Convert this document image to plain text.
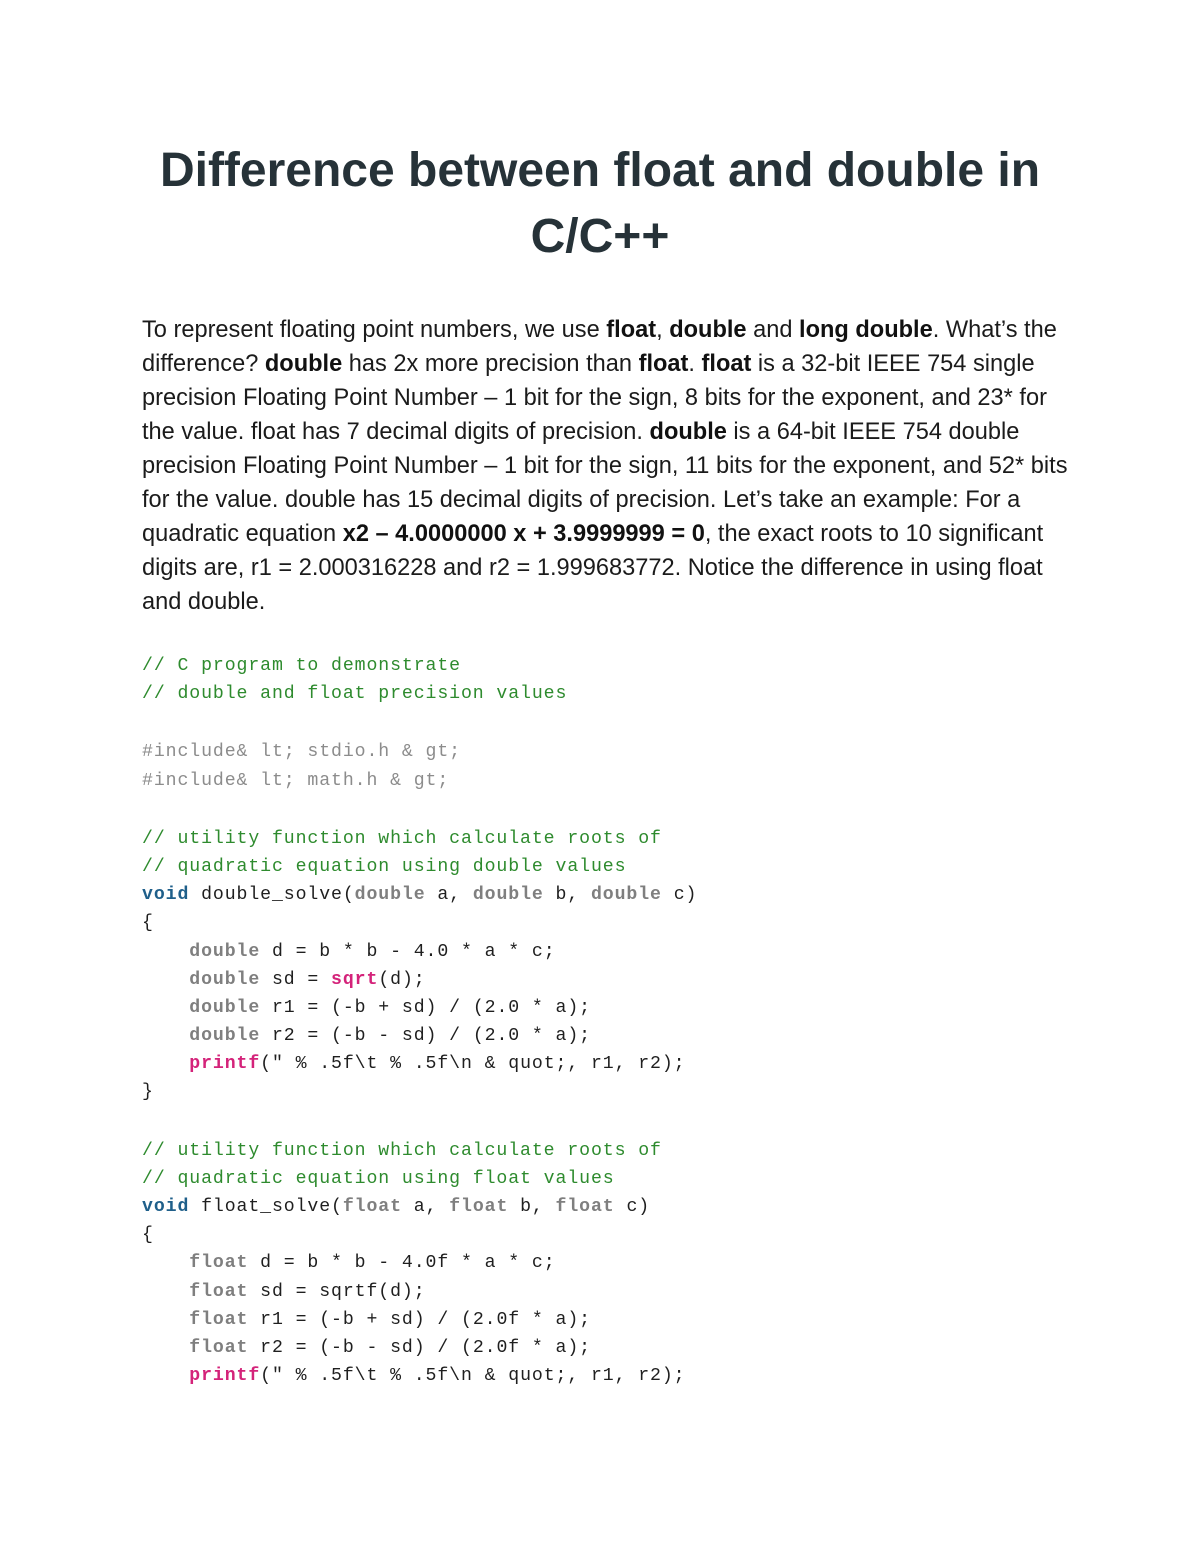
Difference between float and double in C/C++

To represent floating point numbers, we use float, double and long double. What’s the difference? double has 2x more precision than float. float is a 32-bit IEEE 754 single precision Floating Point Number – 1 bit for the sign, 8 bits for the exponent, and 23* for the value. float has 7 decimal digits of precision. double is a 64-bit IEEE 754 double precision Floating Point Number – 1 bit for the sign, 11 bits for the exponent, and 52* bits for the value. double has 15 decimal digits of precision. Let’s take an example: For a quadratic equation x2 – 4.0000000 x + 3.9999999 = 0, the exact roots to 10 significant digits are, r1 = 2.000316228 and r2 = 1.999683772. Notice the difference in using float and double.

// C program to demonstrate
// double and float precision values
#include& lt; stdio.h & gt;
#include& lt; math.h & gt;
// utility function which calculate roots of
// quadratic equation using double values
void double_solve(double a, double b, double c)
{
double d = b * b - 4.0 * a * c;
double sd = sqrt(d);
double r1 = (-b + sd) / (2.0 * a);
double r2 = (-b - sd) / (2.0 * a);
printf(" % .5f\t % .5f\n & quot;, r1, r2);
}
// utility function which calculate roots of
// quadratic equation using float values
void float_solve(float a, float b, float c)
{
float d = b * b - 4.0f * a * c;
float sd = sqrtf(d);
float r1 = (-b + sd) / (2.0f * a);
float r2 = (-b - sd) / (2.0f * a);
printf(" % .5f\t % .5f\n & quot;, r1, r2);
